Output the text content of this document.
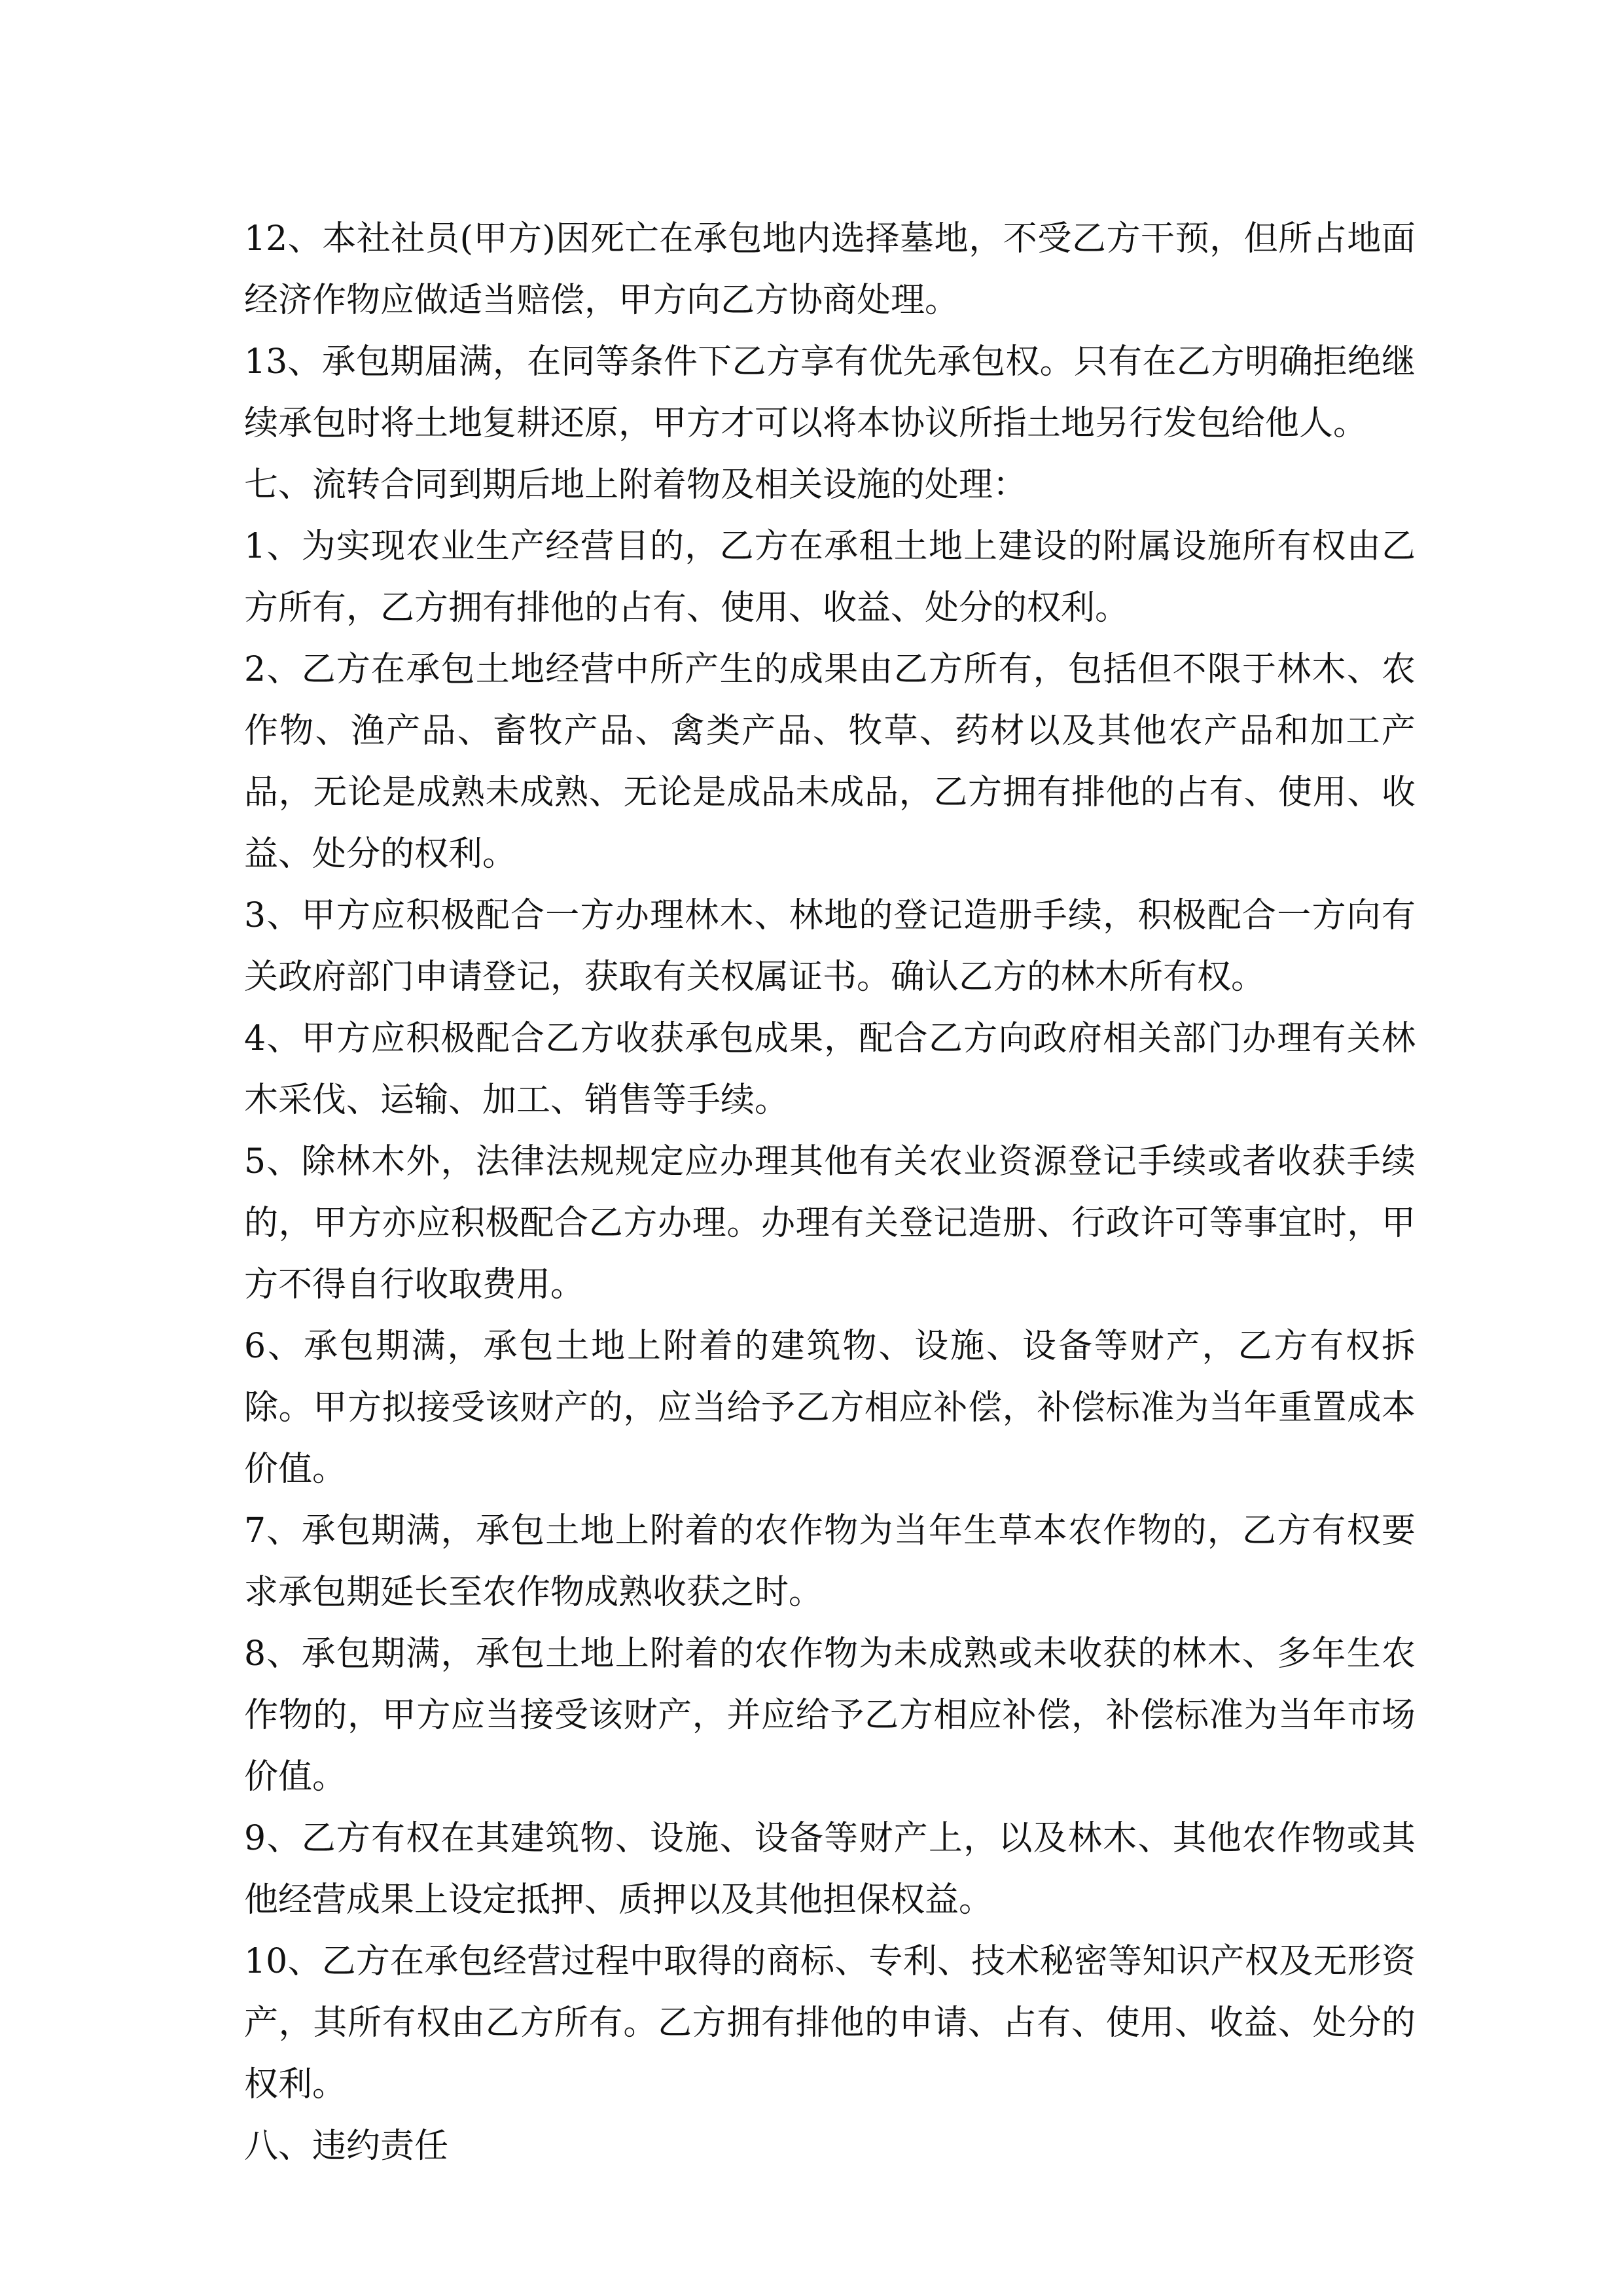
12、本社社员(甲方)因死亡在承包地内选择墓地，不受乙方干预，但所占地面经济作物应做适当赔偿，甲方向乙方协商处理。

13、承包期届满，在同等条件下乙方享有优先承包权。只有在乙方明确拒绝继续承包时将土地复耕还原，甲方才可以将本协议所指土地另行发包给他人。

七、流转合同到期后地上附着物及相关设施的处理：

1、为实现农业生产经营目的，乙方在承租土地上建设的附属设施所有权由乙方所有，乙方拥有排他的占有、使用、收益、处分的权利。

2、乙方在承包土地经营中所产生的成果由乙方所有，包括但不限于林木、农作物、渔产品、畜牧产品、禽类产品、牧草、药材以及其他农产品和加工产品，无论是成熟未成熟、无论是成品未成品，乙方拥有排他的占有、使用、收益、处分的权利。

3、甲方应积极配合一方办理林木、林地的登记造册手续，积极配合一方向有关政府部门申请登记，获取有关权属证书。确认乙方的林木所有权。

4、甲方应积极配合乙方收获承包成果，配合乙方向政府相关部门办理有关林木采伐、运输、加工、销售等手续。

5、除林木外，法律法规规定应办理其他有关农业资源登记手续或者收获手续的，甲方亦应积极配合乙方办理。办理有关登记造册、行政许可等事宜时，甲方不得自行收取费用。

6、承包期满，承包土地上附着的建筑物、设施、设备等财产，乙方有权拆除。甲方拟接受该财产的，应当给予乙方相应补偿，补偿标准为当年重置成本价值。

7、承包期满，承包土地上附着的农作物为当年生草本农作物的，乙方有权要求承包期延长至农作物成熟收获之时。

8、承包期满，承包土地上附着的农作物为未成熟或未收获的林木、多年生农作物的，甲方应当接受该财产，并应给予乙方相应补偿，补偿标准为当年市场价值。

9、乙方有权在其建筑物、设施、设备等财产上，以及林木、其他农作物或其他经营成果上设定抵押、质押以及其他担保权益。

10、乙方在承包经营过程中取得的商标、专利、技术秘密等知识产权及无形资产，其所有权由乙方所有。乙方拥有排他的申请、占有、使用、收益、处分的权利。

八、违约责任
